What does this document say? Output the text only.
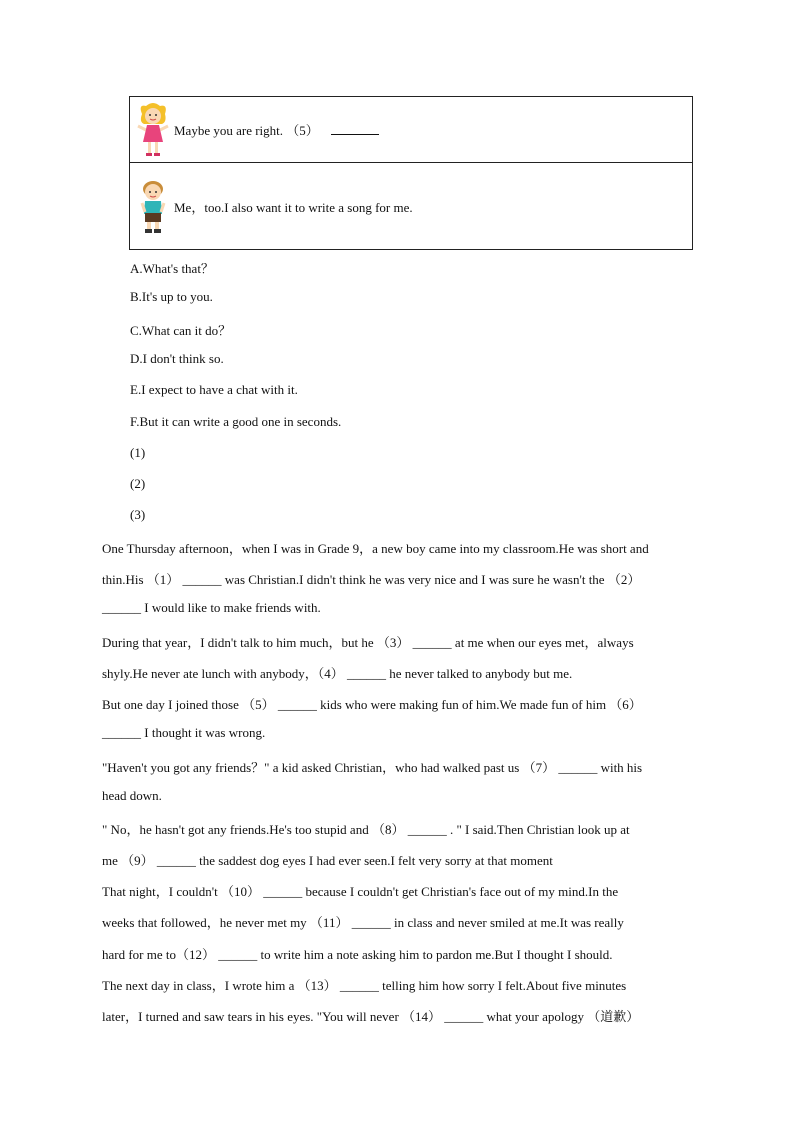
Maybe you are right. （5）
Me，too.I also want it to write a song for me.
A.What's that？
B.It's up to you.
C.What can it do？
D.I don't think so.
E.I expect to have a chat with it.
F.But it can write a good one in seconds.
(1)
(2)
(3)
One Thursday afternoon，when I was in Grade 9，a new boy came into my classroom.He was short and
thin.His （1） ______ was Christian.I didn't think he was very nice and I was sure he wasn't the （2）
______ I would like to make friends with.
During that year，I didn't talk to him much，but he （3） ______ at me when our eyes met，always
shyly.He never ate lunch with anybody，（4） ______ he never talked to anybody but me.
But one day I joined those （5） ______ kids who were making fun of him.We made fun of him （6）
______ I thought it was wrong.
"Haven't you got any friends？" a kid asked Christian，who had walked past us （7） ______ with his
head down.
" No，he hasn't got any friends.He's too stupid and （8） ______ . " I said.Then Christian look up at
me （9） ______ the saddest dog eyes I had ever seen.I felt very sorry at that moment
That night，I couldn't （10） ______ because I couldn't get Christian's face out of my mind.In the
weeks that followed，he never met my （11） ______ in class and never smiled at me.It was really
hard for me to（12） ______ to write him a note asking him to pardon me.But I thought I should.
The next day in class，I wrote him a （13） ______ telling him how sorry I felt.About five minutes
later，I turned and saw tears in his eyes. "You will never （14） ______ what your apology （道歉）
